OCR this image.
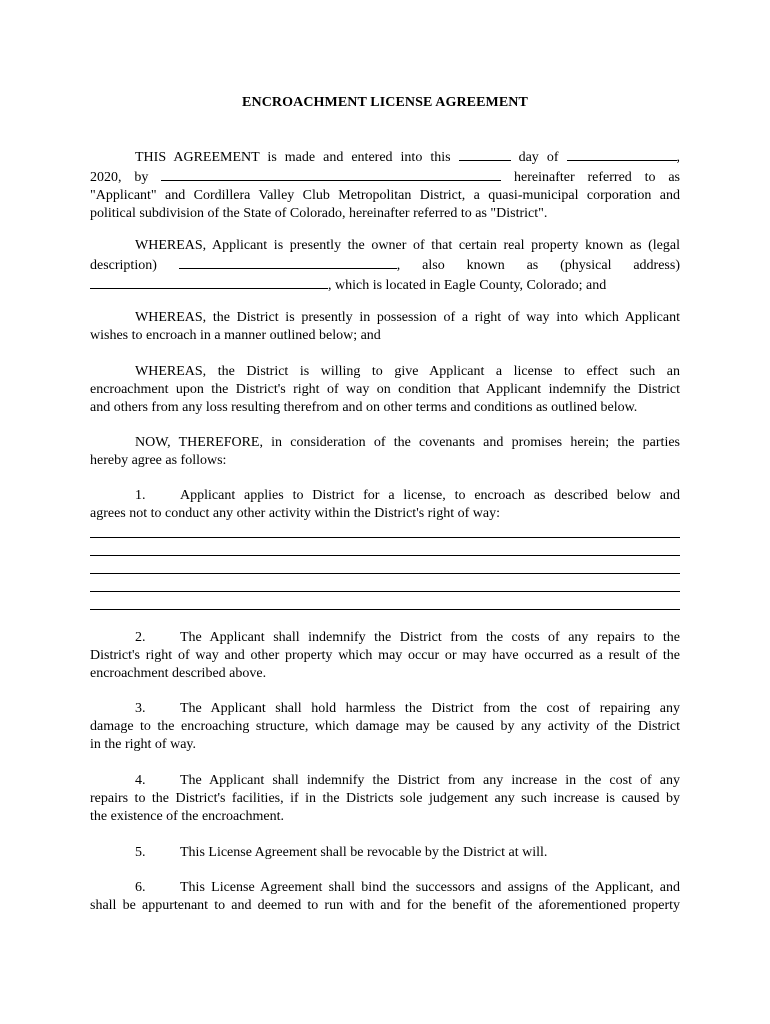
ENCROACHMENT LICENSE AGREEMENT
THIS AGREEMENT is made and entered into this	day of	,
2020, by	hereinafter referred to as
"Applicant" and Cordillera Valley Club Metropolitan District, a quasi-municipal corporation and
political subdivision of the State of Colorado, hereinafter referred to as "District".
WHEREAS, Applicant is presently the owner of that certain real property known as (legal
description)	, also known as (physical address)
, which is located in Eagle County, Colorado; and
WHEREAS, the District is presently in possession of a right of way into which Applicant
wishes to encroach in a manner outlined below; and
WHEREAS, the District is willing to give Applicant a license to effect such an
encroachment upon the District's right of way on condition that Applicant indemnify the District
and others from any loss resulting therefrom and on other terms and conditions as outlined below.
NOW, THEREFORE, in consideration of the covenants and promises herein; the parties
hereby agree as follows:
1. Applicant applies to District for a license, to encroach as described below and
agrees not to conduct any other activity within the District's right of way:
2. The Applicant shall indemnify the District from the costs of any repairs to the
District's right of way and other property which may occur or may have occurred as a result of the
encroachment described above.
3. The Applicant shall hold harmless the District from the cost of repairing any
damage to the encroaching structure, which damage may be caused by any activity of the District
in the right of way.
4. The Applicant shall indemnify the District from any increase in the cost of any
repairs to the District's facilities, if in the Districts sole judgement any such increase is caused by
the existence of the encroachment.
5. This License Agreement shall be revocable by the District at will.
6. This License Agreement shall bind the successors and assigns of the Applicant, and
shall be appurtenant to and deemed to run with and for the benefit of the aforementioned property
